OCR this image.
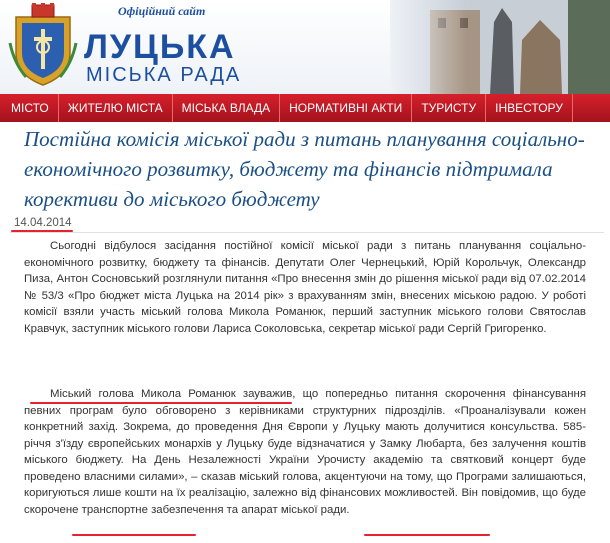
Офіційний сайт
ЛУЦЬКА
МІСЬКА РАДА
МІСТО	ЖИТЕЛЮ МІСТА	МІСЬКА ВЛАДА	НОРМАТИВНІ АКТИ	ТУРИСТУ	ІНВЕСТОРУ
Постійна комісія міської ради з питань планування соціально-економічного розвитку, бюджету та фінансів підтримала корективи до міського бюджету
14.04.2014

Сьогодні відбулося засідання постійної комісії міської ради з питань планування соціально-економічного розвитку, бюджету та фінансів. Депутати Олег Чернецький, Юрій Корольчук, Олександр Пиза, Антон Сосновський розглянули питання «Про внесення змін до рішення міської ради від 07.02.2014 № 53/3 «Про бюджет міста Луцька на 2014 рік» з врахуванням змін, внесених міською радою. У роботі комісії взяли участь міський голова Микола Романюк, перший заступник міського голови Святослав Кравчук, заступник міського голови Лариса Соколовська, секретар міської ради Сергій Григоренко.

Міський голова Микола Романюк зауважив, що попередньо питання скорочення фінансування певних програм було обговорено з керівниками структурних підрозділів. «Проаналізували кожен конкретний захід. Зокрема, до проведення Дня Європи у Луцьку мають долучитися консульства. 585- річчя з'їзду європейських монархів у Луцьку буде відзначатися у Замку Любарта, без залучення коштів міського бюджету. На День Незалежності України Урочисту академію та святковий концерт буде проведено власними силами», – сказав міський голова, акцентуючи на тому, що Програми залишаються, коригуються лише кошти на їх реалізацію, залежно від фінансових можливостей. Він повідомив, що буде скорочене транспортне забезпечення та апарат міської ради.
